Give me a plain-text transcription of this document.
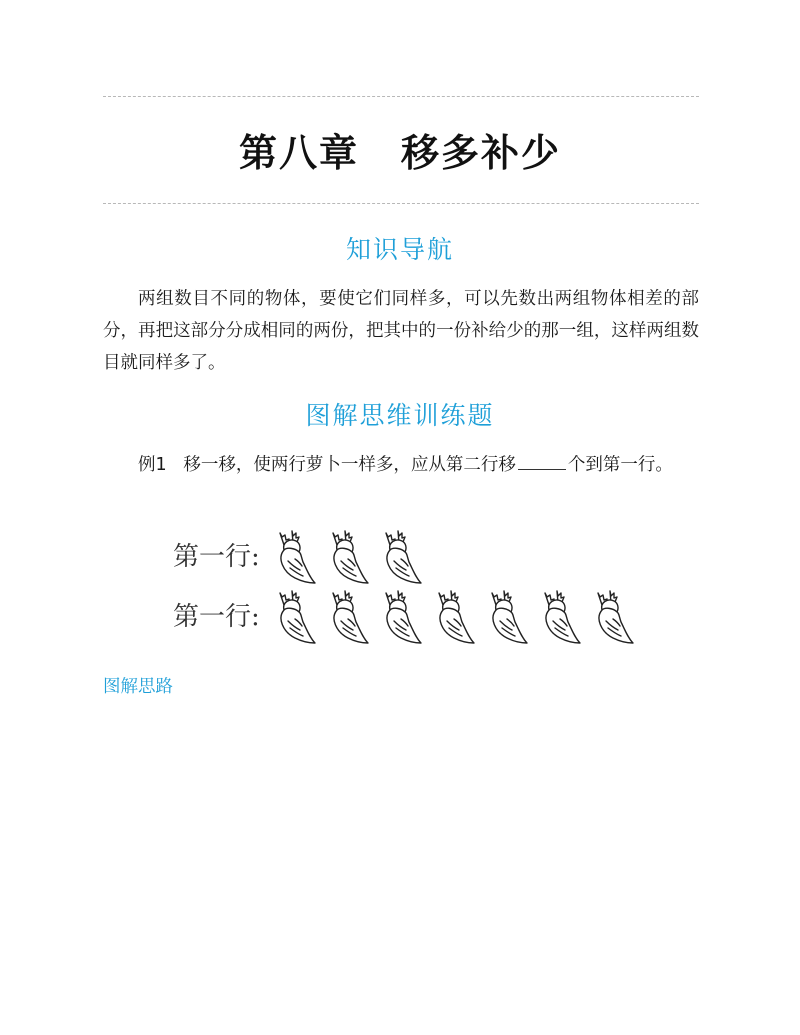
第八章 移多补少
知识导航
两组数目不同的物体，要使它们同样多，可以先数出两组物体相差的部分，再把这部分分成相同的两份，把其中的一份补给少的那一组，这样两组数目就同样多了。
图解思维训练题
例1 移一移，使两行萝卜一样多，应从第二行移	个到第一行。
第一行:
第一行:
图解思路
